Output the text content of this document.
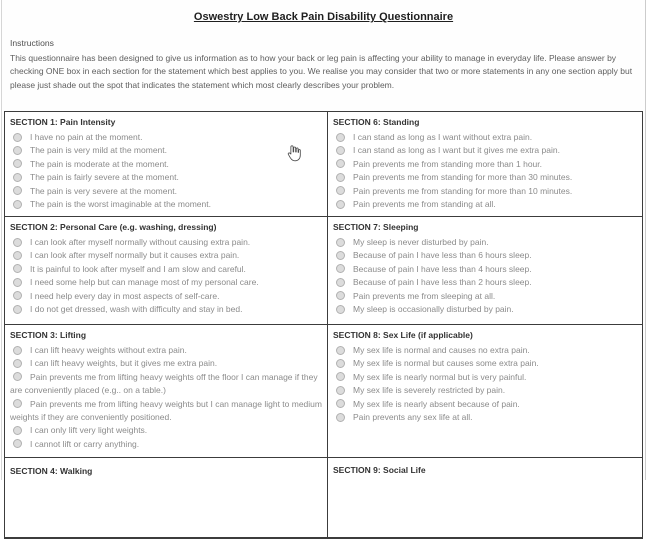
Oswestry Low Back Pain Disability Questionnaire
Instructions
This questionnaire has been designed to give us information as to how your back or leg pain is affecting your ability to manage in everyday life. Please answer by checking ONE box in each section for the statement which best applies to you. We realise you may consider that two or more statements in any one section apply but please just shade out the spot that indicates the statement which most clearly describes your problem.
SECTION 1: Pain Intensity
I have no pain at the moment.
The pain is very mild at the moment.
The pain is moderate at the moment.
The pain is fairly severe at the moment.
The pain is very severe at the moment.
The pain is the worst imaginable at the moment.
SECTION 6: Standing
I can stand as long as I want without extra pain.
I can stand as long as I want but it gives me extra pain.
Pain prevents me from standing more than 1 hour.
Pain prevents me from standing for more than 30 minutes.
Pain prevents me from standing for more than 10 minutes.
Pain prevents me from standing at all.
SECTION 2: Personal Care (e.g. washing, dressing)
I can look after myself normally without causing extra pain.
I can look after myself normally but it causes extra pain.
It is painful to look after myself and I am slow and careful.
I need some help but can manage most of my personal care.
I need help every day in most aspects of self-care.
I do not get dressed, wash with difficulty and stay in bed.
SECTION 7: Sleeping
My sleep is never disturbed by pain.
Because of pain I have less than 6 hours sleep.
Because of pain I have less than 4 hours sleep.
Because of pain I have less than 2 hours sleep.
Pain prevents me from sleeping at all.
My sleep is occasionally disturbed by pain.
SECTION 3: Lifting
I can lift heavy weights without extra pain.
I can lift heavy weights, but it gives me extra pain.
Pain prevents me from lifting heavy weights off the floor I can manage if they are conveniently placed (e.g.. on a table.)
Pain prevents me from lifting heavy weights but I can manage light to medium weights if they are conveniently positioned.
I can only lift very light weights.
I cannot lift or carry anything.
SECTION 8: Sex Life (if applicable)
My sex life is normal and causes no extra pain.
My sex life is normal but causes some extra pain.
My sex life is nearly normal but is very painful.
My sex life is severely restricted by pain.
My sex life is nearly absent because of pain.
Pain prevents any sex life at all.
SECTION 4: Walking	SECTION 9: Social Life
